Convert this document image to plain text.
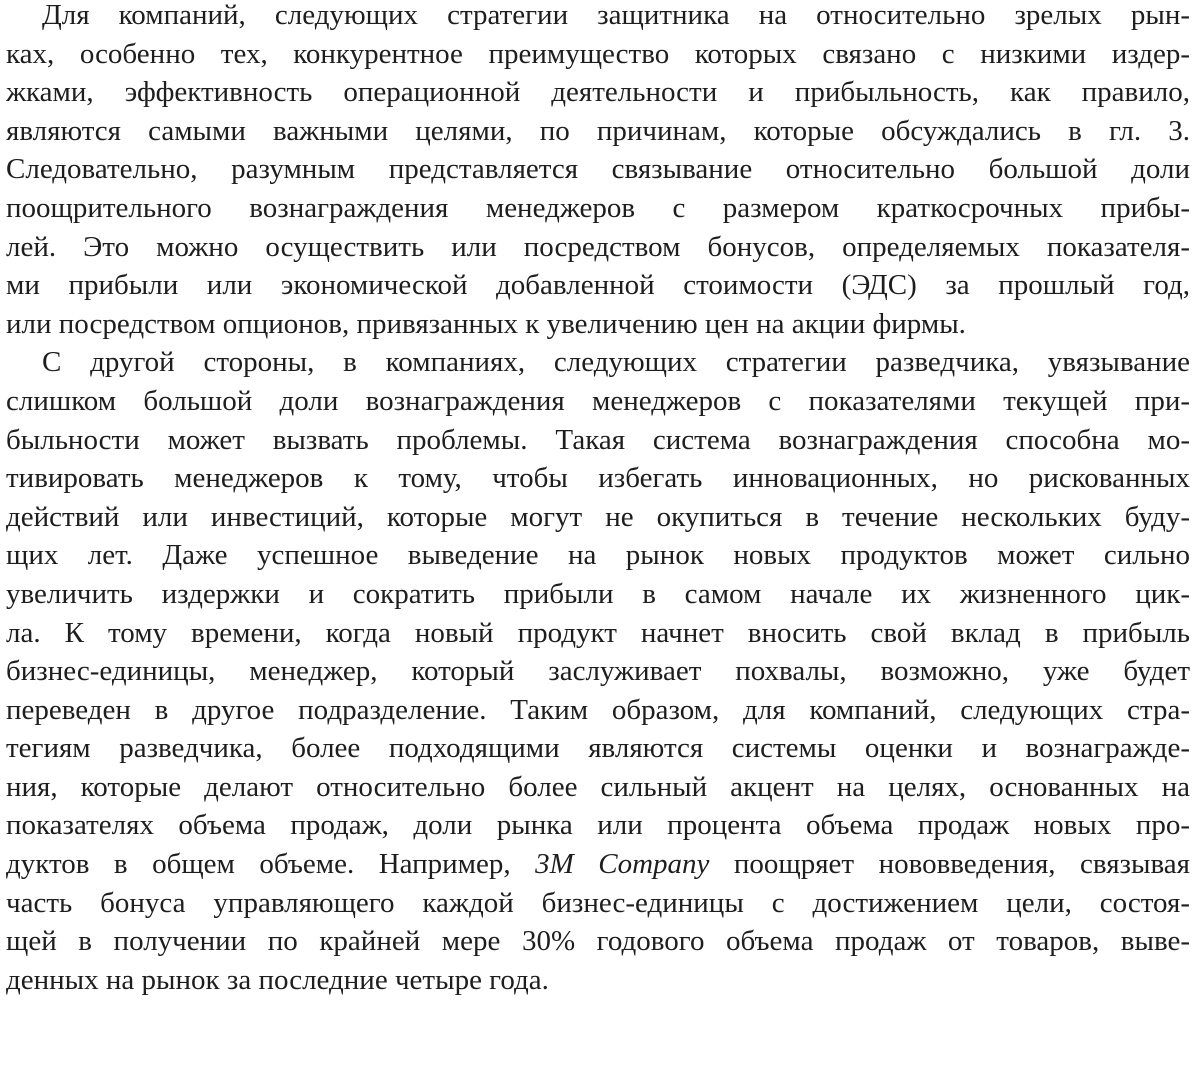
Для компаний, следующих стратегии защитника на относительно зрелых рын-
ках, особенно тех, конкурентное преимущество которых связано с низкими издер-
жками, эффективность операционной деятельности и прибыльность, как правило,
являются самыми важными целями, по причинам, которые обсуждались в гл. 3.
Следовательно, разумным представляется связывание относительно большой доли
поощрительного вознаграждения менеджеров с размером краткосрочных прибы-
лей. Это можно осуществить или посредством бонусов, определяемых показателя-
ми прибыли или экономической добавленной стоимости (ЭДС) за прошлый год,
или посредством опционов, привязанных к увеличению цен на акции фирмы.
С другой стороны, в компаниях, следующих стратегии разведчика, увязывание
слишком большой доли вознаграждения менеджеров с показателями текущей при-
быльности может вызвать проблемы. Такая система вознаграждения способна мо-
тивировать менеджеров к тому, чтобы избегать инновационных, но рискованных
действий или инвестиций, которые могут не окупиться в течение нескольких буду-
щих лет. Даже успешное выведение на рынок новых продуктов может сильно
увеличить издержки и сократить прибыли в самом начале их жизненного цик-
ла. К тому времени, когда новый продукт начнет вносить свой вклад в прибыль
бизнес-единицы, менеджер, который заслуживает похвалы, возможно, уже будет
переведен в другое подразделение. Таким образом, для компаний, следующих стра-
тегиям разведчика, более подходящими являются системы оценки и вознагражде-
ния, которые делают относительно более сильный акцент на целях, основанных на
показателях объема продаж, доли рынка или процента объема продаж новых про-
дуктов в общем объеме. Например, 3M Company поощряет нововведения, связывая
часть бонуса управляющего каждой бизнес-единицы с достижением цели, состоя-
щей в получении по крайней мере 30% годового объема продаж от товаров, выве-
денных на рынок за последние четыре года.
